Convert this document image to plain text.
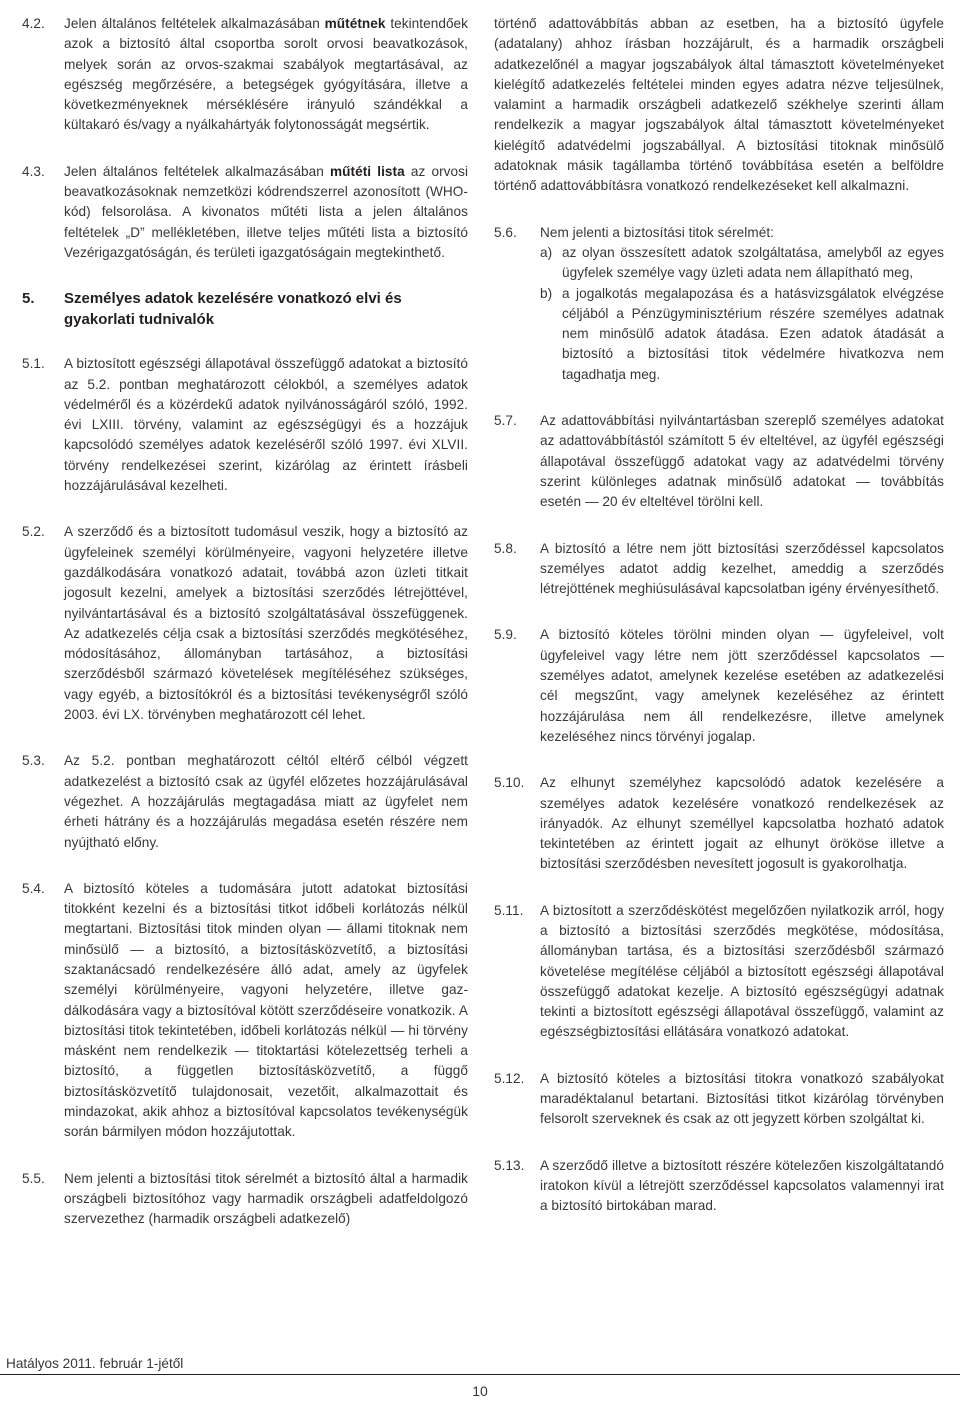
4.2.	Jelen általános feltételek alkalmazásában műtétnek tekintendőek azok a biztosító által csoportba sorolt orvosi beavatkozások, melyek során az orvos-szakmai szabályok megtartásával, az egészség megőrzésére, a betegségek gyógyítására, illetve a következményeknek mérséklésére irányuló szándékkal a kültakaró és/vagy a nyálkahártyák folytonosságát megsértik.
4.3.	Jelen általános feltételek alkalmazásában műtéti lista az orvosi beavatkozásoknak nemzetközi kódrendszerrel azonosított (WHO-kód) felsorolása. A kivonatos műtéti lista a jelen általános feltételek „D” mellékletében, illetve teljes műtéti lista a biztosító Vezérigazgatóságán, és területi igazgatóságain megtekinthető.
5.	Személyes adatok kezelésére vonatkozó elvi és gyakorlati tudnivalók
5.1.	A biztosított egészségi állapotával összefüggő adatokat a biztosító az 5.2. pontban meghatározott célokból, a személyes adatok védelméről és a közérdekű adatok nyilvánosságáról szóló, 1992. évi LXIII. törvény, valamint az egészségügyi és a hozzájuk kapcsolódó személyes adatok kezeléséről szóló 1997. évi XLVII. törvény rendelkezései szerint, kizárólag az érintett írásbeli hozzájárulásával kezelheti.
5.2.	A szerződő és a biztosított tudomásul veszik, hogy a biztosító az ügyfeleinek személyi körülményeire, vagyoni helyzetére illetve gazdálkodására vonatkozó adatait, továbbá azon üzleti titkait jogosult kezelni, amelyek a biztosítási szerződés létrejöttével, nyilvántartásával és a biztosító szolgáltatásával összefüggenek. Az adatkezelés célja csak a biztosítási szerződés megkötéséhez, módosításához, állományban tartásához, a biztosítási szerződésből származó követelések megítéléséhez szükséges, vagy egyéb, a biztosítókról és a biztosítási tevékenységről szóló 2003. évi LX. törvényben meghatározott cél lehet.
5.3.	Az 5.2. pontban meghatározott céltól eltérő célból végzett adatkezelést a biztosító csak az ügyfél előzetes hozzájárulásával végezhet. A hozzájárulás megtagadása miatt az ügyfelet nem érheti hátrány és a hozzájárulás megadása esetén részére nem nyújtható előny.
5.4.	A biztosító köteles a tudomására jutott adatokat biztosítási titokként kezelni és a biztosítási titkot időbeli korlátozás nélkül megtartani. Biztosítási titok minden olyan — állami titoknak nem minősülő — a biztosító, a biztosításközvetítő, a biztosítási szaktanácsadó rendelkezésére álló adat, amely az ügyfelek személyi körülményeire, vagyoni helyzetére, illetve gazdálkodására vagy a biztosítóval kötött szerződéseire vonatkozik. A biztosítási titok tekintetében, időbeli korlátozás nélkül — hi törvény másként nem rendelkezik — titoktartási kötelezettség terheli a biztosító, a független biztosításközvetítő, a függő biztosításközvetítő tulajdonosait, vezetőit, alkalmazottait és mindazokat, akik ahhoz a biztosítóval kapcsolatos tevékenységük során bármilyen módon hozzájutottak.
5.5.	Nem jelenti a biztosítási titok sérelmét a biztosító által a harmadik országbeli biztosítóhoz vagy harmadik országbeli adatfeldolgozó szervezethez (harmadik országbeli adatkezelő)
történő adattovábbítás abban az esetben, ha a biztosító ügyfele (adatalany) ahhoz írásban hozzájárult, és a harmadik országbeli adatkezelőnél a magyar jogszabályok által támasztott követelményeket kielégítő adatkezelés feltételei minden egyes adatra nézve teljesülnek, valamint a harmadik országbeli adatkezelő székhelye szerinti állam rendelkezik a magyar jogszabályok által támasztott követelményeket kielégítő adatvédelmi jogszabállyal. A biztosítási titoknak minősülő adatoknak másik tagállamba történő továbbítása esetén a belföldre történő adattovábbításra vonatkozó rendelkezéseket kell alkalmazni.
5.6.	Nem jelenti a biztosítási titok sérelmét:
a) az olyan összesített adatok szolgáltatása, amelyből az egyes ügyfelek személye vagy üzleti adata nem állapítható meg,
b) a jogalkotás megalapozása és a hatásvizsgálatok elvégzése céljából a Pénzügyminisztérium részére személyes adatnak nem minősülő adatok átadása. Ezen adatok átadását a biztosító a biztosítási titok védelmére hivatkozva nem tagadhatja meg.
5.7.	Az adattovábbítási nyilvántartásban szereplő személyes adatokat az adattovábbítástól számított 5 év elteltével, az ügyfél egészségi állapotával összefüggő adatokat vagy az adatvédelmi törvény szerint különleges adatnak minősülő adatokat — továbbítás esetén — 20 év elteltével törölni kell.
5.8.	A biztosító a létre nem jött biztosítási szerződéssel kapcsolatos személyes adatot addig kezelhet, ameddig a szerződés létrejöttének meghiúsulásával kapcsolatban igény érvényesíthető.
5.9.	A biztosító köteles törölni minden olyan — ügyfeleivel, volt ügyfeleivel vagy létre nem jött szerződéssel kapcsolatos — személyes adatot, amelynek kezelése esetében az adatkezelési cél megszűnt, vagy amelynek kezeléséhez az érintett hozzájárulása nem áll rendelkezésre, illetve amelynek kezeléséhez nincs törvényi jogalap.
5.10.	Az elhunyt személyhez kapcsolódó adatok kezelésére a személyes adatok kezelésére vonatkozó rendelkezések az irányadók. Az elhunyt személlyel kapcsolatba hozható adatok tekintetében az érintett jogait az elhunyt örököse illetve a biztosítási szerződésben nevesített jogosult is gyakorolhatja.
5.11.	A biztosított a szerződéskötést megelőzően nyilatkozik arról, hogy a biztosító a biztosítási szerződés megkötése, módosítása, állományban tartása, és a biztosítási szerződésből származó követelése megítélése céljából a biztosított egészségi állapotával összefüggő adatokat kezelje. A biztosító egészségügyi adatnak tekinti a biztosított egészségi állapotával összefüggő, valamint az egészségbiztosítási ellátására vonatkozó adatokat.
5.12.	A biztosító köteles a biztosítási titokra vonatkozó szabályokat maradéktalanul betartani. Biztosítási titkot kizárólag törvényben felsorolt szerveknek és csak az ott jegyzett körben szolgáltat ki.
5.13.	A szerződő illetve a biztosított részére kötelezően kiszolgáltatandó iratokon kívül a létrejött szerződéssel kapcsolatos valamennyi irat a biztosító birtokában marad.
Hatályos 2011. február 1-jétől
10
